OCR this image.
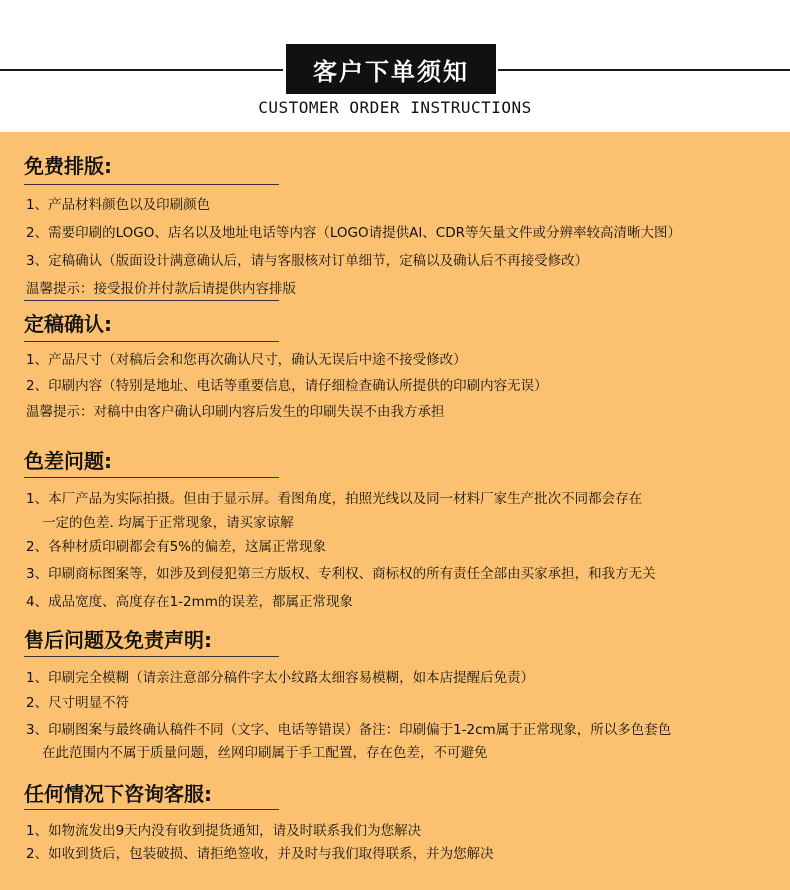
客户下单须知
CUSTOMER ORDER INSTRUCTIONS
免费排版:
1、产品材料颜色以及印刷颜色
2、需要印刷的LOGO、店名以及地址电话等内容（LOGO请提供AI、CDR等矢量文件或分辨率较高清晰大图）
3、定稿确认（版面设计满意确认后，请与客服核对订单细节，定稿以及确认后不再接受修改）
温馨提示：接受报价并付款后请提供内容排版
定稿确认:
1、产品尺寸（对稿后会和您再次确认尺寸，确认无误后中途不接受修改）
2、印刷内容（特别是地址、电话等重要信息，请仔细检查确认所提供的印刷内容无误）
温馨提示：对稿中由客户确认印刷内容后发生的印刷失误不由我方承担
色差问题:
1、本厂产品为实际拍摄。但由于显示屏。看图角度，拍照光线以及同一材料厂家生产批次不同都会存在
一定的色差. 均属于正常现象，请买家谅解
2、各种材质印刷都会有5%的偏差，这属正常现象
3、印刷商标图案等，如涉及到侵犯第三方版权、专利权、商标权的所有责任全部由买家承担，和我方无关
4、成品宽度、高度存在1-2mm的误差，都属正常现象
售后问题及免责声明:
1、印刷完全模糊（请亲注意部分稿件字太小纹路太细容易模糊，如本店提醒后免责）
2、尺寸明显不符
3、印刷图案与最终确认稿件不同（文字、电话等错误）备注：印刷偏于1-2cm属于正常现象，所以多色套色
在此范围内不属于质量问题，丝网印刷属于手工配置，存在色差，不可避免
任何情况下咨询客服:
1、如物流发出9天内没有收到提货通知，请及时联系我们为您解决
2、如收到货后，包装破损、请拒绝签收，并及时与我们取得联系，并为您解决
